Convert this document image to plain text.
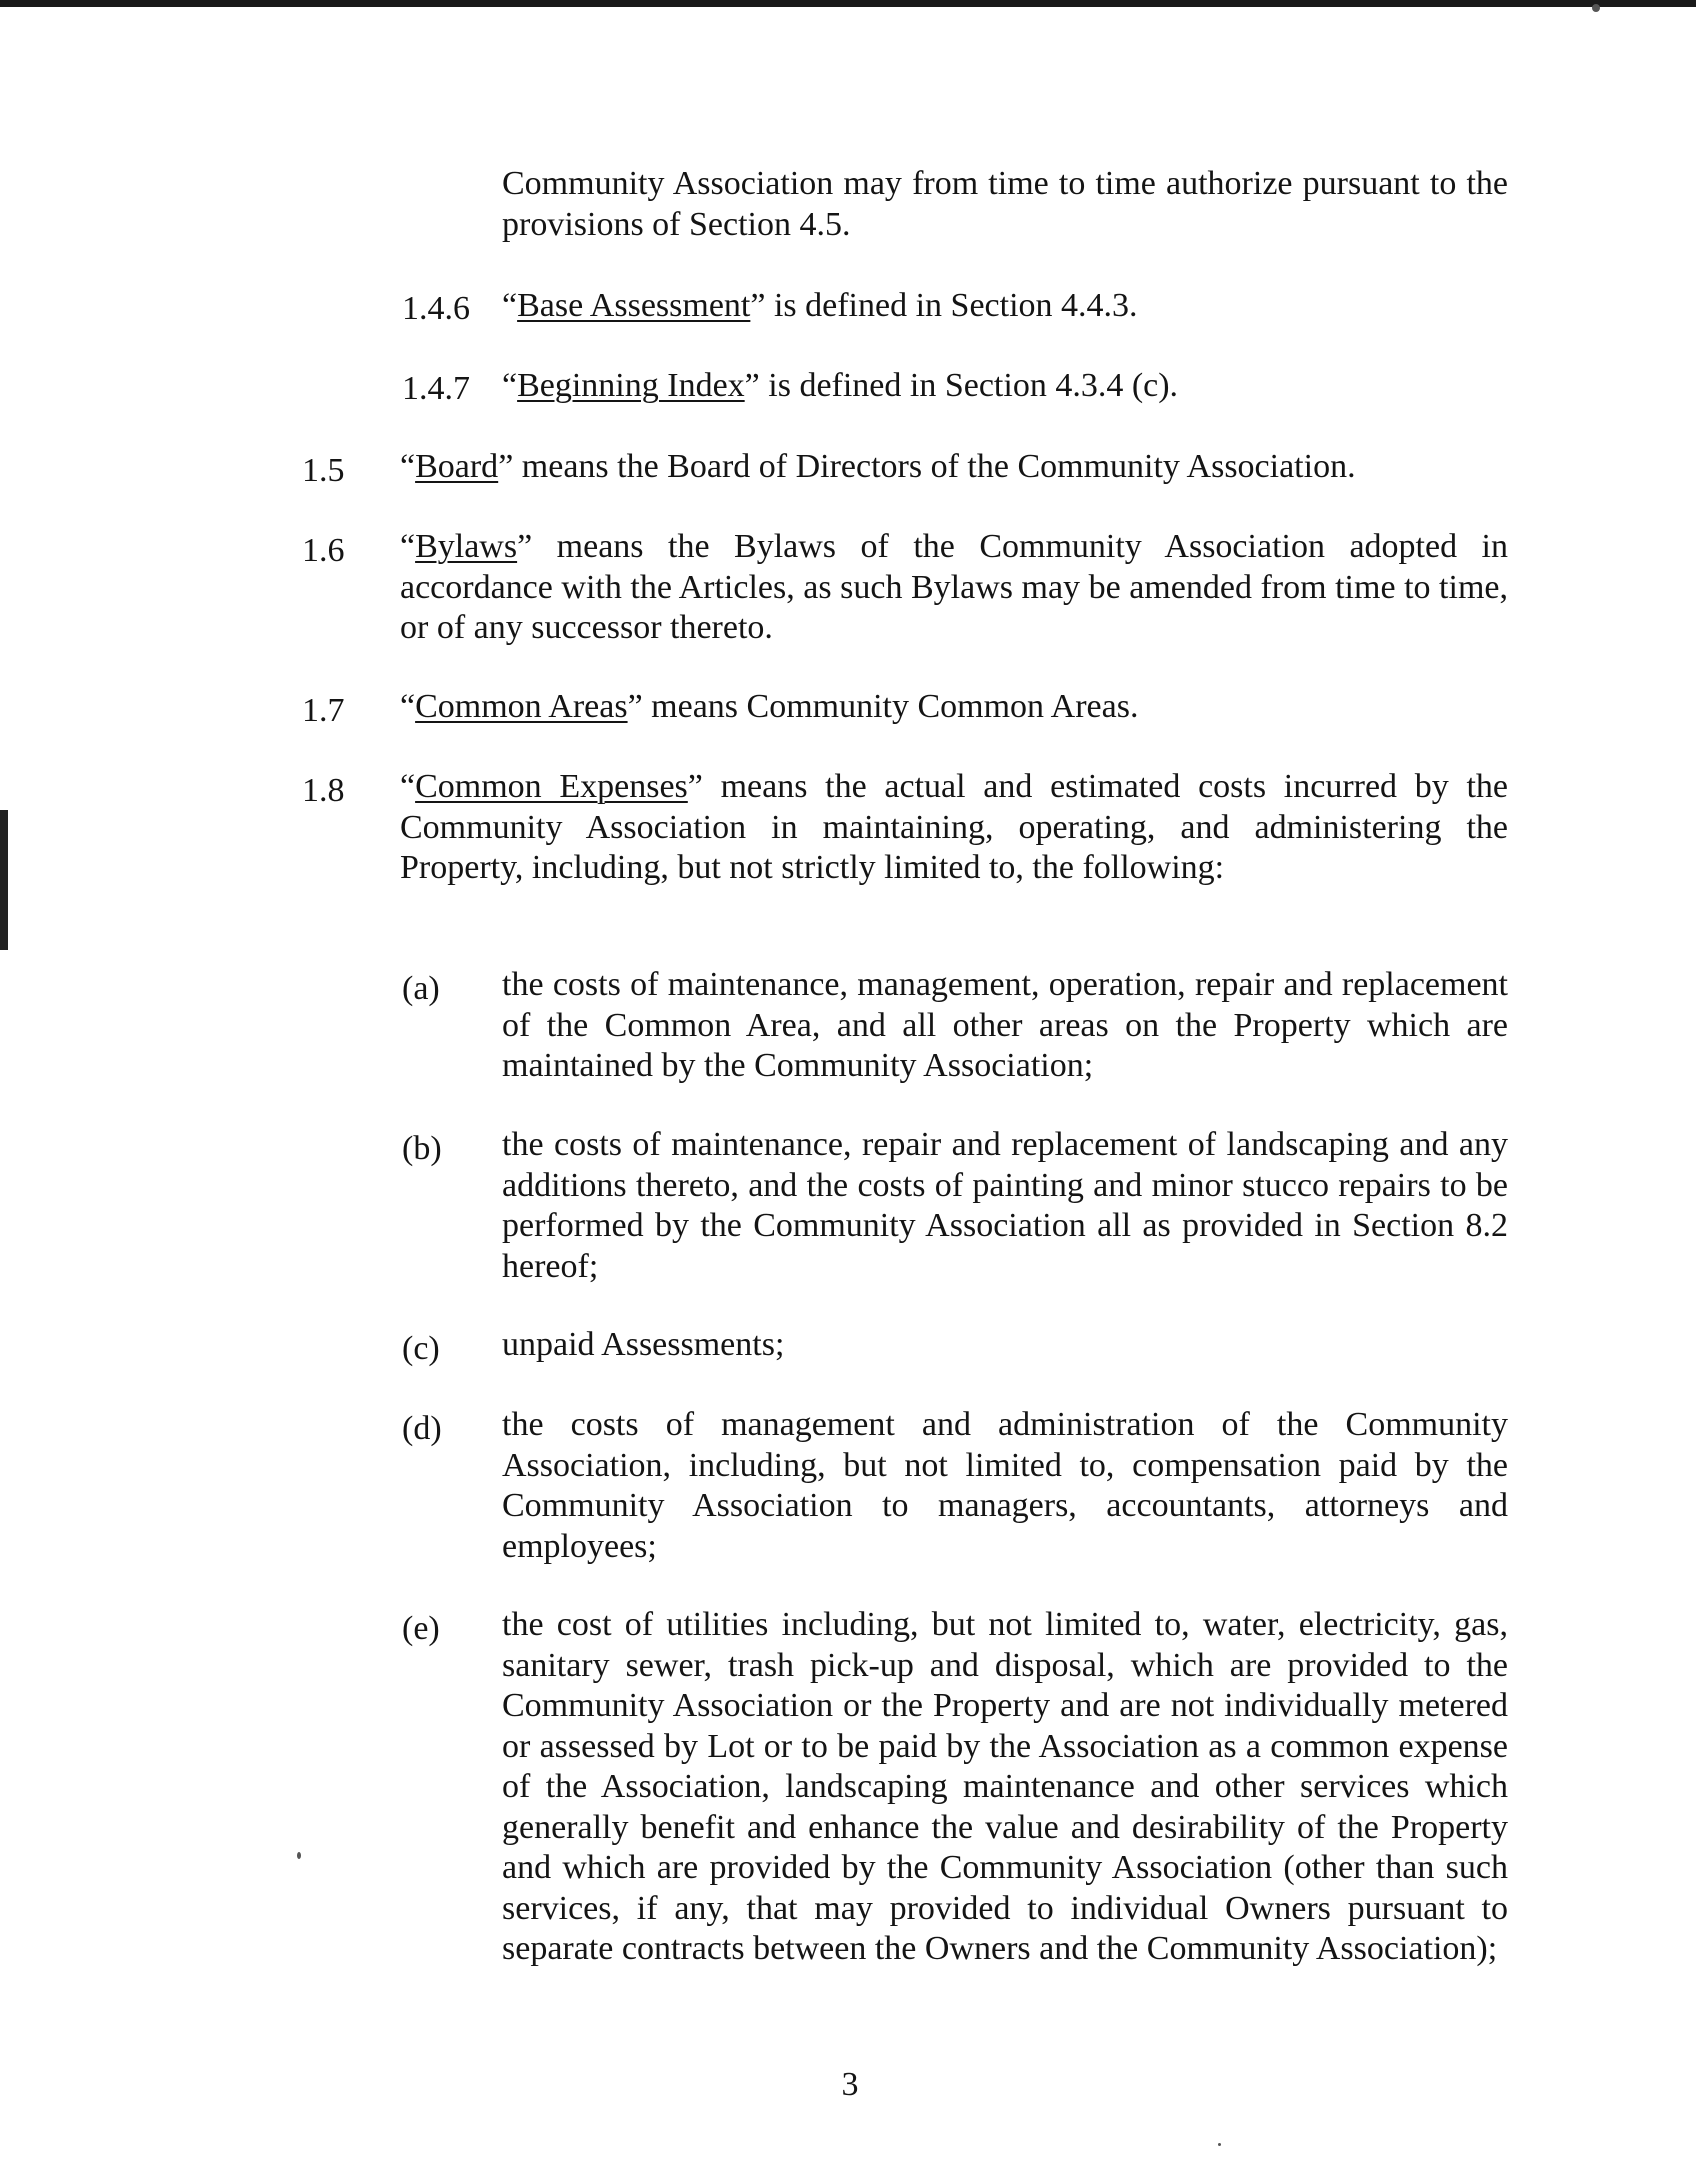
Community Association may from time to time authorize pursuant to the provisions of Section 4.5.
1.4.6 “Base Assessment” is defined in Section 4.4.3.
1.4.7 “Beginning Index” is defined in Section 4.3.4 (c).
1.5 “Board” means the Board of Directors of the Community Association.
1.6 “Bylaws” means the Bylaws of the Community Association adopted in accordance with the Articles, as such Bylaws may be amended from time to time, or of any successor thereto.
1.7 “Common Areas” means Community Common Areas.
1.8 “Common Expenses” means the actual and estimated costs incurred by the Community Association in maintaining, operating, and administering the Property, including, but not strictly limited to, the following:
(a) the costs of maintenance, management, operation, repair and replacement of the Common Area, and all other areas on the Property which are maintained by the Community Association;
(b) the costs of maintenance, repair and replacement of landscaping and any additions thereto, and the costs of painting and minor stucco repairs to be performed by the Community Association all as provided in Section 8.2 hereof;
(c) unpaid Assessments;
(d) the costs of management and administration of the Community Association, including, but not limited to, compensation paid by the Community Association to managers, accountants, attorneys and employees;
(e) the cost of utilities including, but not limited to, water, electricity, gas, sanitary sewer, trash pick-up and disposal, which are provided to the Community Association or the Property and are not individually metered or assessed by Lot or to be paid by the Association as a common expense of the Association, landscaping maintenance and other services which generally benefit and enhance the value and desirability of the Property and which are provided by the Community Association (other than such services, if any, that may provided to individual Owners pursuant to separate contracts between the Owners and the Community Association);
3
